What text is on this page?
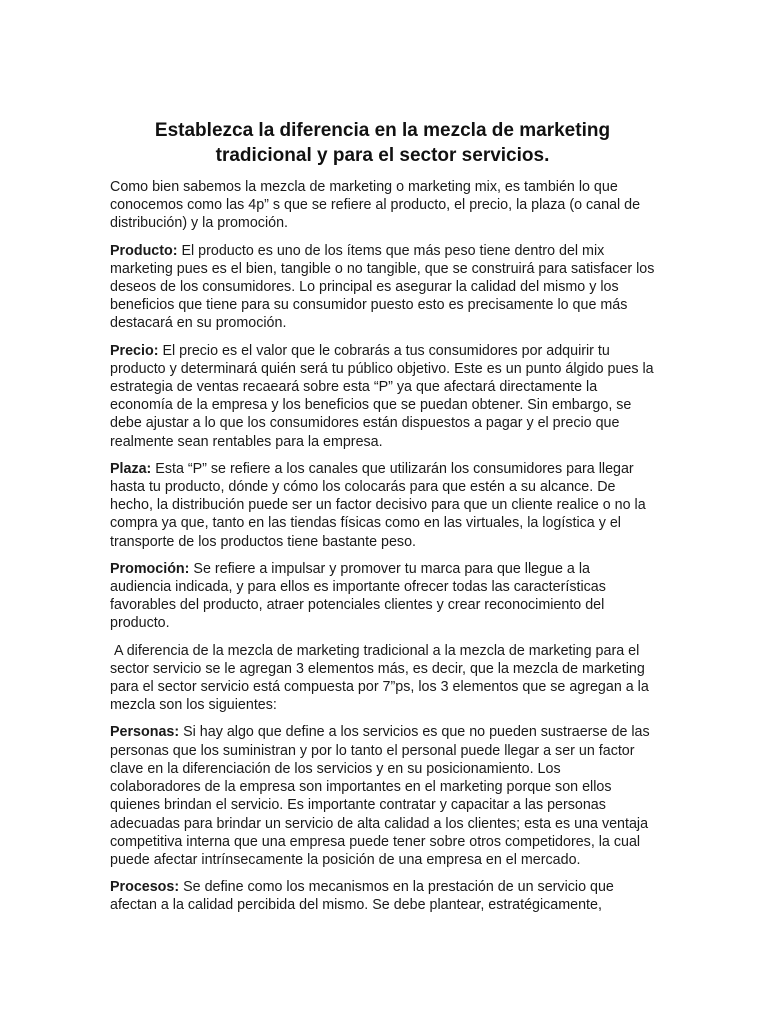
Establezca la diferencia en la mezcla de marketing tradicional y para el sector servicios.

Como bien sabemos la mezcla de marketing o marketing mix, es también lo que conocemos como las 4p” s que se refiere al producto, el precio, la plaza (o canal de distribución) y la promoción.

Producto: El producto es uno de los ítems que más peso tiene dentro del mix marketing pues es el bien, tangible o no tangible, que se construirá para satisfacer los deseos de los consumidores. Lo principal es asegurar la calidad del mismo y los beneficios que tiene para su consumidor puesto esto es precisamente lo que más destacará en su promoción.

Precio: El precio es el valor que le cobrarás a tus consumidores por adquirir tu producto y determinará quién será tu público objetivo. Este es un punto álgido pues la estrategia de ventas recaeará sobre esta “P” ya que afectará directamente la economía de la empresa y los beneficios que se puedan obtener. Sin embargo, se debe ajustar a lo que los consumidores están dispuestos a pagar y el precio que realmente sean rentables para la empresa.

Plaza: Esta “P” se refiere a los canales que utilizarán los consumidores para llegar hasta tu producto, dónde y cómo los colocarás para que estén a su alcance. De hecho, la distribución puede ser un factor decisivo para que un cliente realice o no la compra ya que, tanto en las tiendas físicas como en las virtuales, la logística y el transporte de los productos tiene bastante peso.

Promoción: Se refiere a impulsar y promover tu marca para que llegue a la audiencia indicada, y para ellos es importante ofrecer todas las características favorables del producto, atraer potenciales clientes y crear reconocimiento del producto.

A diferencia de la mezcla de marketing tradicional a la mezcla de marketing para el sector servicio se le agregan 3 elementos más, es decir, que la mezcla de marketing para el sector servicio está compuesta por 7”ps, los 3 elementos que se agregan a la mezcla son los siguientes:

Personas: Si hay algo que define a los servicios es que no pueden sustraerse de las personas que los suministran y por lo tanto el personal puede llegar a ser un factor clave en la diferenciación de los servicios y en su posicionamiento. Los colaboradores de la empresa son importantes en el marketing porque son ellos quienes brindan el servicio. Es importante contratar y capacitar a las personas adecuadas para brindar un servicio de alta calidad a los clientes; esta es una ventaja competitiva interna que una empresa puede tener sobre otros competidores, la cual puede afectar intrínsecamente la posición de una empresa en el mercado.

Procesos: Se define como los mecanismos en la prestación de un servicio que afectan a la calidad percibida del mismo. Se debe plantear, estratégicamente,
